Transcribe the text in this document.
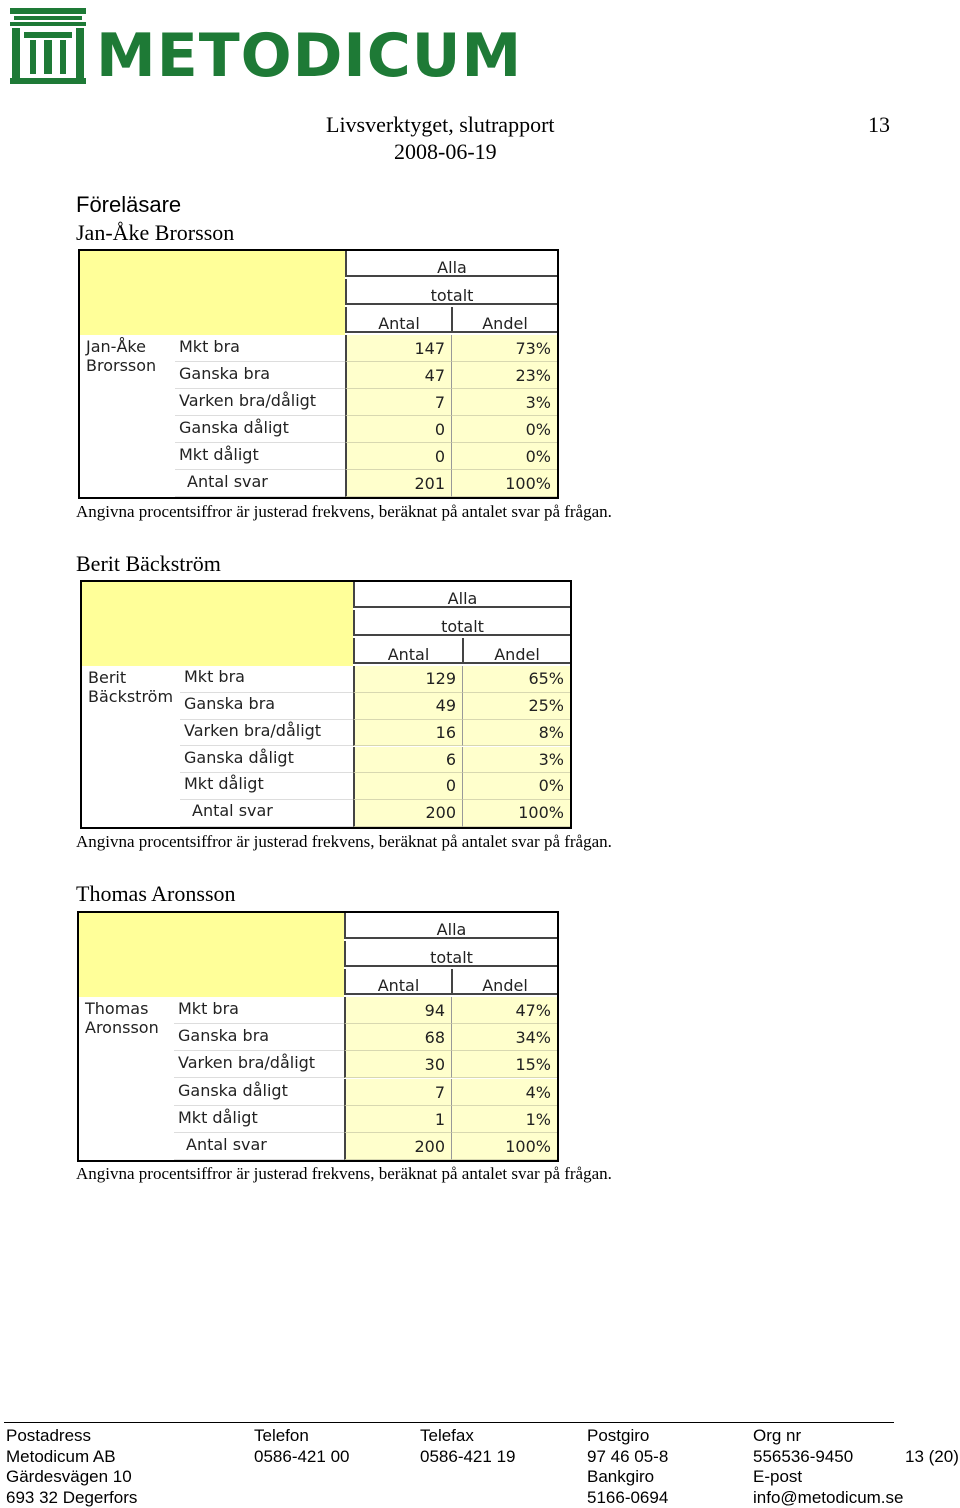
METODICUM
Livsverktyget, slutrapport
2008-06-19
13
Föreläsare
Jan-Åke Brorsson
Alla
totalt
Antal	Andel
Jan-Åke
Brorsson
Mkt bra	147	73%
Ganska bra	47	23%
Varken bra/dåligt	7	3%
Ganska dåligt	0	0%
Mkt dåligt	0	0%
Antal svar	201	100%
Angivna procentsiffror är justerad frekvens, beräknat på antalet svar på frågan.
Berit Bäckström
Alla
totalt
Antal	Andel
Berit
Bäckström
Mkt bra	129	65%
Ganska bra	49	25%
Varken bra/dåligt	16	8%
Ganska dåligt	6	3%
Mkt dåligt	0	0%
Antal svar	200	100%
Angivna procentsiffror är justerad frekvens, beräknat på antalet svar på frågan.
Thomas Aronsson
Alla
totalt
Antal	Andel
Thomas
Aronsson
Mkt bra	94	47%
Ganska bra	68	34%
Varken bra/dåligt	30	15%
Ganska dåligt	7	4%
Mkt dåligt	1	1%
Antal svar	200	100%
Angivna procentsiffror är justerad frekvens, beräknat på antalet svar på frågan.
Postadress
Metodicum AB
Gärdesvägen 10
693 32 Degerfors
Telefon
0586-421 00
Telefax
0586-421 19
Postgiro
97 46 05-8
Bankgiro
5166-0694
Org nr
556536-9450
E-post
info@metodicum.se
13 (20)
